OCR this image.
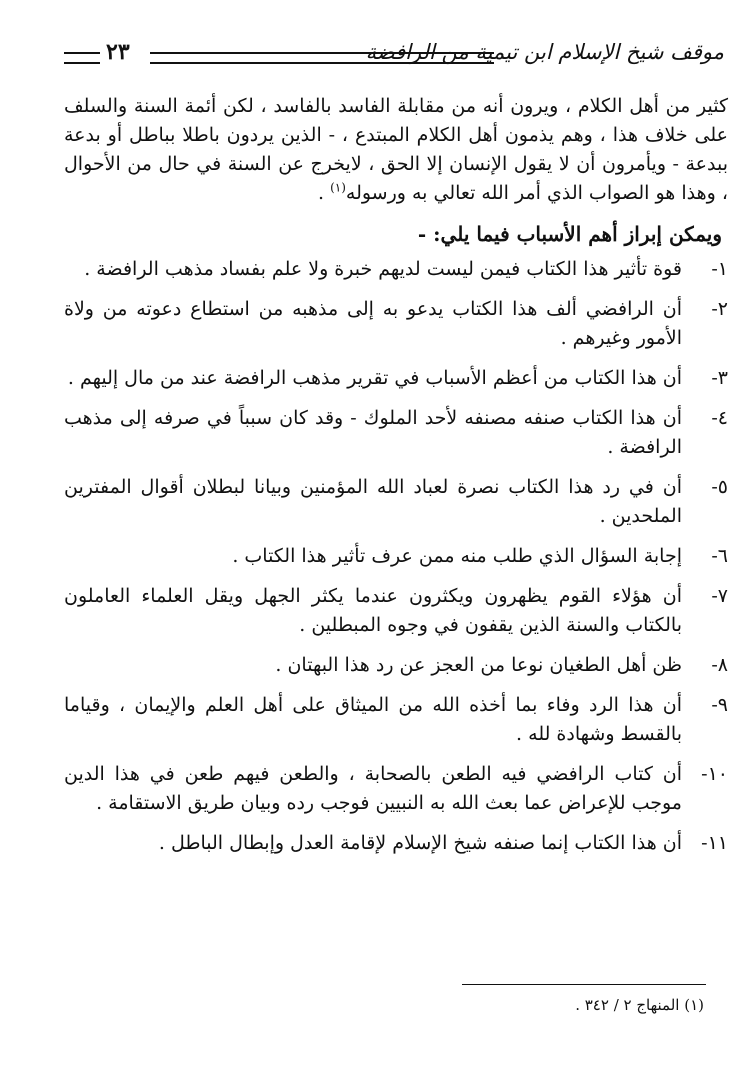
موقف شيخ الإسلام ابن تيمية من الرافضة
٢٣

كثير من أهل الكلام ، ويرون أنه من مقابلة الفاسد بالفاسد ، لكن أئمة السنة والسلف على خلاف هذا ، وهم يذمون أهل الكلام المبتدع ، - الذين يردون باطلا بباطل أو بدعة ببدعة - ويأمرون أن لا يقول الإنسان إلا الحق ، لايخرج عن السنة في حال من الأحوال ، وهذا هو الصواب الذي أمر الله تعالي به ورسوله$^{(١)}$ .

ويمكن إبراز أهم الأسباب فيما يلي: -
١-
قوة تأثير هذا الكتاب فيمن ليست لديهم خبرة ولا علم بفساد مذهب الرافضة .
٢-
أن الرافضي ألف هذا الكتاب يدعو به إلى مذهبه من استطاع دعوته من ولاة الأمور وغيرهم .
٣-
أن هذا الكتاب من أعظم الأسباب في تقرير مذهب الرافضة عند من مال إليهم .
٤-
أن هذا الكتاب صنفه مصنفه لأحد الملوك - وقد كان سبباً في صرفه إلى مذهب الرافضة .
٥-
أن في رد هذا الكتاب نصرة لعباد الله المؤمنين وبيانا لبطلان أقوال المفترين الملحدين .
٦-
إجابة السؤال الذي طلب منه ممن عرف تأثير هذا الكتاب .
٧-
أن هؤلاء القوم يظهرون ويكثرون عندما يكثر الجهل ويقل العلماء العاملون بالكتاب والسنة الذين يقفون في وجوه المبطلين .
٨-
ظن أهل الطغيان نوعا من العجز عن رد هذا البهتان .
٩-
أن هذا الرد وفاء بما أخذه الله من الميثاق على أهل العلم والإيمان ، وقياما بالقسط وشهادة لله .
١٠-
أن كتاب الرافضي فيه الطعن بالصحابة ، والطعن فيهم طعن في هذا الدين موجب للإعراض عما بعث الله به النبيين فوجب رده وبيان طريق الاستقامة .
١١-
أن هذا الكتاب إنما صنفه شيخ الإسلام لإقامة العدل وإبطال الباطل .
(١) المنهاج ٢ / ٣٤٢ .
